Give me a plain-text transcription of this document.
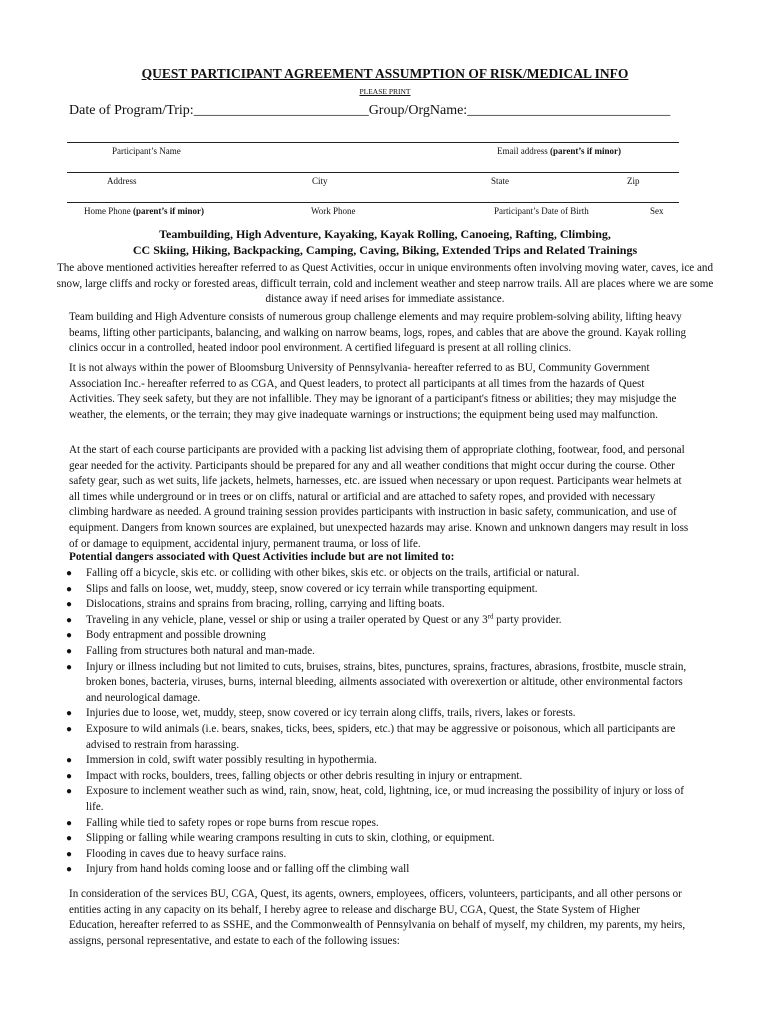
QUEST PARTICIPANT AGREEMENT ASSUMPTION OF RISK/MEDICAL INFO
PLEASE PRINT
Date of Program/Trip:_________________________Group/OrgName:_____________________________
Participant’s Name	Email address (parent’s if minor)
Address	City	State	Zip
Home Phone (parent’s if minor)	Work Phone	Participant’s Date of Birth	Sex
Teambuilding, High Adventure, Kayaking, Kayak Rolling, Canoeing, Rafting, Climbing,
CC Skiing, Hiking, Backpacking, Camping, Caving, Biking, Extended Trips and Related Trainings
The above mentioned activities hereafter referred to as Quest Activities, occur in unique environments often involving moving water, caves, ice and snow, large cliffs and rocky or forested areas, difficult terrain, cold and inclement weather and steep narrow trails. All are places where we are some distance away if need arises for immediate assistance.
Team building and High Adventure consists of numerous group challenge elements and may require problem-solving ability, lifting heavy beams, lifting other participants, balancing, and walking on narrow beams, logs, ropes, and cables that are above the ground. Kayak rolling clinics occur in a controlled, heated indoor pool environment. A certified lifeguard is present at all rolling clinics.
It is not always within the power of Bloomsburg University of Pennsylvania- hereafter referred to as BU, Community Government Association Inc.- hereafter referred to as CGA, and Quest leaders, to protect all participants at all times from the hazards of Quest Activities. They seek safety, but they are not infallible. They may be ignorant of a participant's fitness or abilities; they may misjudge the weather, the elements, or the terrain; they may give inadequate warnings or instructions; the equipment being used may malfunction.
At the start of each course participants are provided with a packing list advising them of appropriate clothing, footwear, food, and personal gear needed for the activity. Participants should be prepared for any and all weather conditions that might occur during the course. Other safety gear, such as wet suits, life jackets, helmets, harnesses, etc. are issued when necessary or upon request. Participants wear helmets at all times while underground or in trees or on cliffs, natural or artificial and are attached to safety ropes, and provided with necessary climbing hardware as needed. A ground training session provides participants with instruction in basic safety, communication, and use of equipment. Dangers from known sources are explained, but unexpected hazards may arise. Known and unknown dangers may result in loss of or damage to equipment, accidental injury, permanent trauma, or loss of life.
Potential dangers associated with Quest Activities include but are not limited to:
● Falling off a bicycle, skis etc. or colliding with other bikes, skis etc. or objects on the trails, artificial or natural.
● Slips and falls on loose, wet, muddy, steep, snow covered or icy terrain while transporting equipment.
● Dislocations, strains and sprains from bracing, rolling, carrying and lifting boats.
● Traveling in any vehicle, plane, vessel or ship or using a trailer operated by Quest or any 3rd party provider.
● Body entrapment and possible drowning
● Falling from structures both natural and man-made.
● Injury or illness including but not limited to cuts, bruises, strains, bites, punctures, sprains, fractures, abrasions, frostbite, muscle strain, broken bones, bacteria, viruses, burns, internal bleeding, ailments associated with overexertion or altitude, other environmental factors and neurological damage.
● Injuries due to loose, wet, muddy, steep, snow covered or icy terrain along cliffs, trails, rivers, lakes or forests.
● Exposure to wild animals (i.e. bears, snakes, ticks, bees, spiders, etc.) that may be aggressive or poisonous, which all participants are advised to restrain from harassing.
● Immersion in cold, swift water possibly resulting in hypothermia.
● Impact with rocks, boulders, trees, falling objects or other debris resulting in injury or entrapment.
● Exposure to inclement weather such as wind, rain, snow, heat, cold, lightning, ice, or mud increasing the possibility of injury or loss of life.
● Falling while tied to safety ropes or rope burns from rescue ropes.
● Slipping or falling while wearing crampons resulting in cuts to skin, clothing, or equipment.
● Flooding in caves due to heavy surface rains.
● Injury from hand holds coming loose and or falling off the climbing wall
In consideration of the services BU, CGA, Quest, its agents, owners, employees, officers, volunteers, participants, and all other persons or entities acting in any capacity on its behalf, I hereby agree to release and discharge BU, CGA, Quest, the State System of Higher Education, hereafter referred to as SSHE, and the Commonwealth of Pennsylvania on behalf of myself, my children, my parents, my heirs, assigns, personal representative, and estate to each of the following issues:
